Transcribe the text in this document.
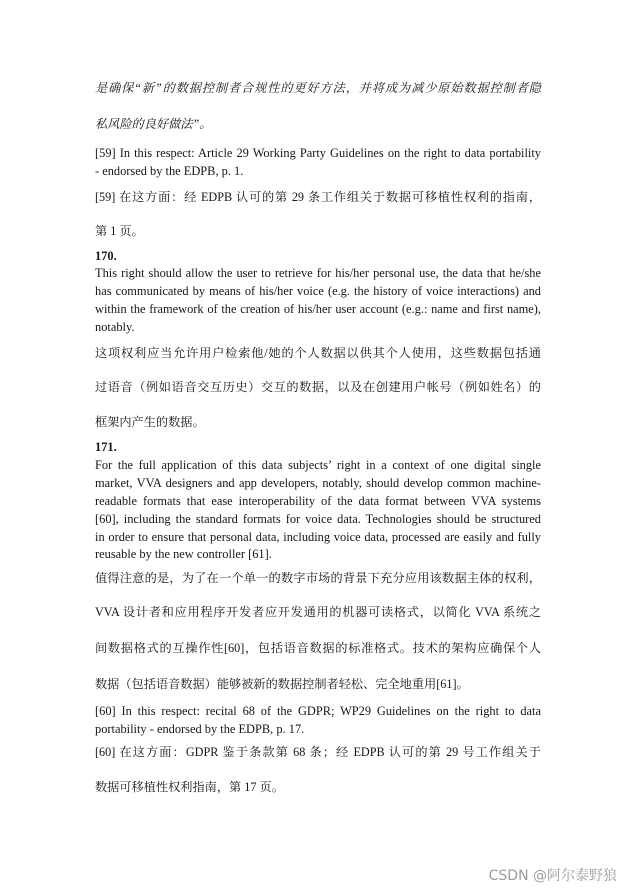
是确保“新”的数据控制者合规性的更好方法，并将成为减少原始数据控制者隐

私风险的良好做法”。

[59] In this respect: Article 29 Working Party Guidelines on the right to data portability

- endorsed by the EDPB, p. 1.

[59] 在这方面：经 EDPB 认可的第 29 条工作组关于数据可移植性权利的指南，

第 1 页。

170.

This right should allow the user to retrieve for his/her personal use, the data that he/she

has communicated by means of his/her voice (e.g. the history of voice interactions) and

within the framework of the creation of his/her user account (e.g.: name and first name),

notably.

这项权利应当允许用户检索他/她的个人数据以供其个人使用，这些数据包括通

过语音（例如语音交互历史）交互的数据，以及在创建用户帐号（例如姓名）的

框架内产生的数据。

171.

For the full application of this data subjects’ right in a context of one digital single

market, VVA designers and app developers, notably, should develop common machine-

readable formats that ease interoperability of the data format between VVA systems

[60], including the standard formats for voice data. Technologies should be structured

in order to ensure that personal data, including voice data, processed are easily and fully

reusable by the new controller [61].

值得注意的是，为了在一个单一的数字市场的背景下充分应用该数据主体的权利，

VVA 设计者和应用程序开发者应开发通用的机器可读格式，以简化 VVA 系统之

间数据格式的互操作性[60]，包括语音数据的标准格式。技术的架构应确保个人

数据（包括语音数据）能够被新的数据控制者轻松、完全地重用[61]。

[60] In this respect: recital 68 of the GDPR; WP29 Guidelines on the right to data

portability - endorsed by the EDPB, p. 17.

[60] 在这方面：GDPR 鉴于条款第 68 条；经 EDPB 认可的第 29 号工作组关于

数据可移植性权利指南，第 17 页。

CSDN @阿尔泰野狼
